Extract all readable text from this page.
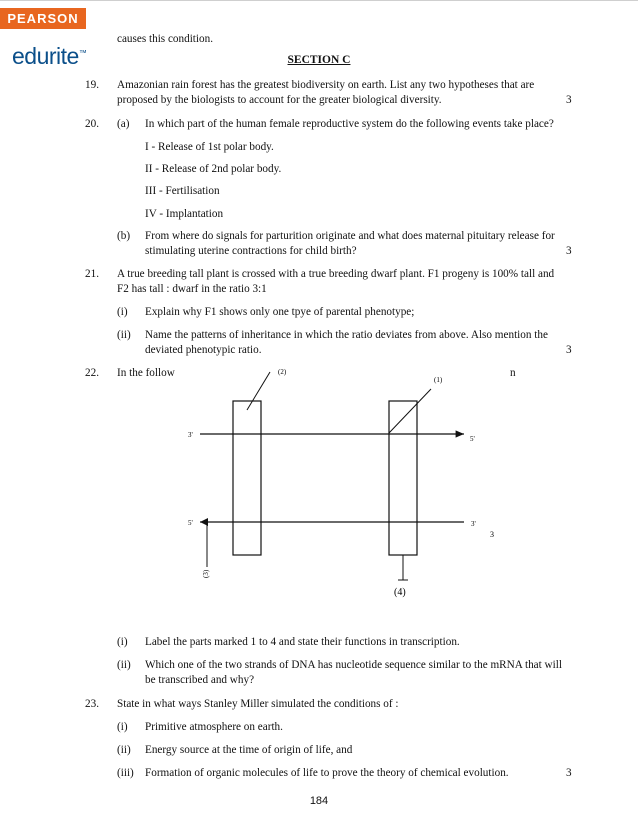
PEARSON
edurite™
causes this condition.
SECTION C
19. Amazonian rain forest has the greatest biodiversity on earth. List any two hypotheses that are
proposed by the biologists to account for the greater biological diversity.	3
20. (a) In which part of the human female reproductive system do the following events take place?
I - Release of 1st polar body.
II - Release of 2nd polar body.
III - Fertilisation
IV - Implantation
(b) From where do signals for parturition originate and what does maternal pituitary release for
stimulating uterine contractions for child birth?	3
21. A true breeding tall plant is crossed with a true breeding dwarf plant. F1 progeny is 100% tall and
F2 has tall : dwarf in the ratio 3:1
(i) Explain why F1 shows only one tpye of parental phenotype;
(ii) Name the patterns of inheritance in which the ratio deviates from above. Also mention the
deviated phenotypic ratio.	3
22. In the follow	n
(2)
(1)
(3)
(4)
3'	5'
5'	3'
3
(i) Label the parts marked 1 to 4 and state their functions in transcription.
(ii) Which one of the two strands of DNA has nucleotide sequence similar to the mRNA that will
be transcribed and why?
23. State in what ways Stanley Miller simulated the conditions of :
(i) Primitive atmosphere on earth.
(ii) Energy source at the time of origin of life, and
(iii) Formation of organic molecules of life to prove the theory of chemical evolution.	3
184
